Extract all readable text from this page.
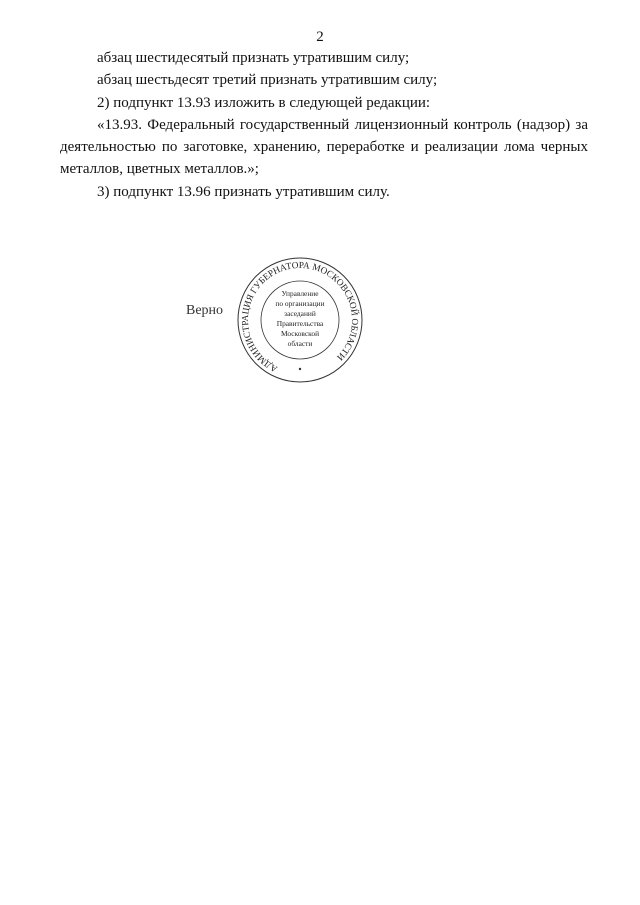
2

абзац шестидесятый признать утратившим силу;

абзац шестьдесят третий признать утратившим силу;

2) подпункт 13.93 изложить в следующей редакции:

«13.93. Федеральный государственный лицензионный контроль (надзор) за деятельностью по заготовке, хранению, переработке и реализации лома черных металлов, цветных металлов.»;

3) подпункт 13.96 признать утратившим силу.

АДМИНИСТРАЦИЯ ГУБЕРНАТОРА МОСКОВСКОЙ ОБЛАСТИ
Управление
по организации
заседаний
Правительства
Московской
области
Верно
